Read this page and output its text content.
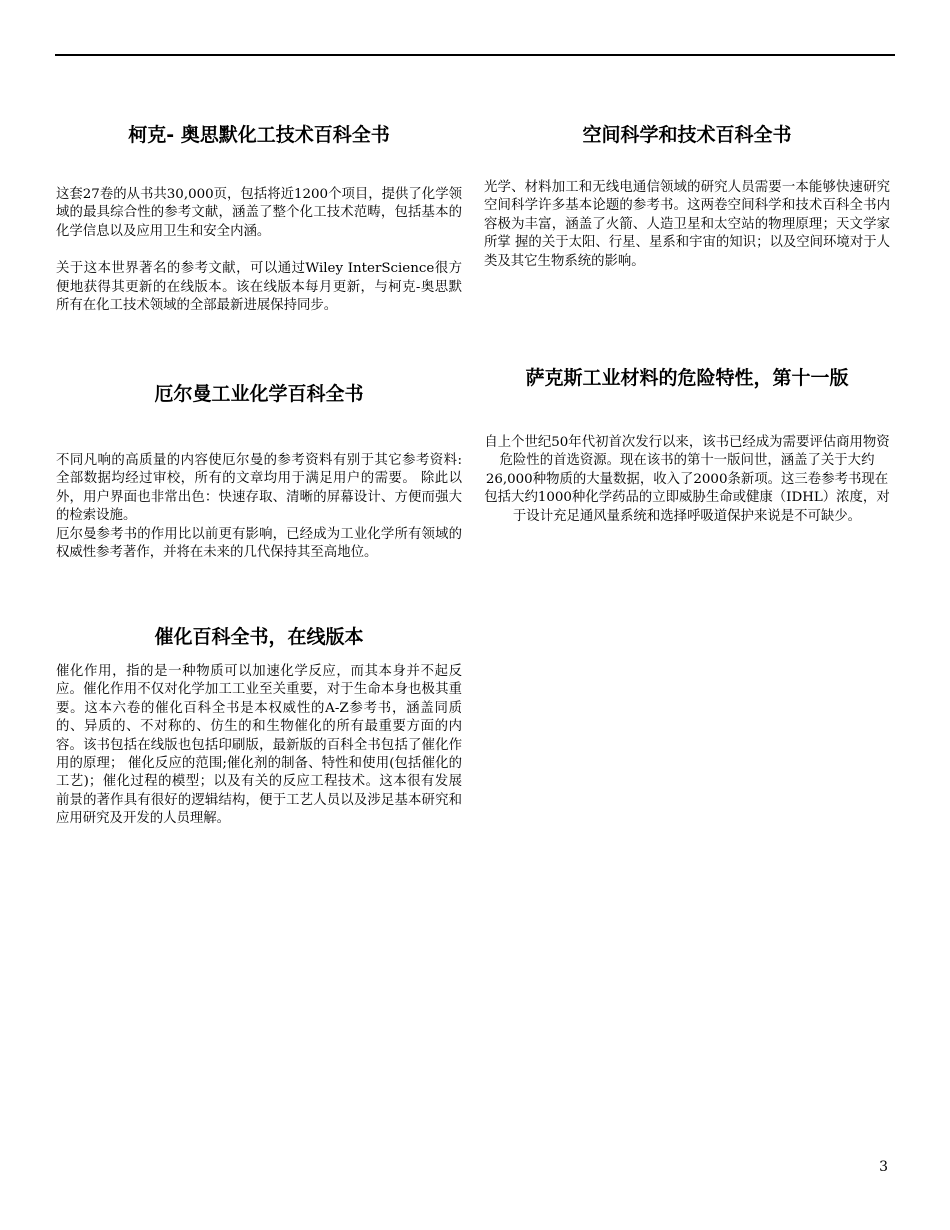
柯克- 奥思默化工技术百科全书

这套27卷的从书共30,000页，包括将近1200个项目，提供了化学领域的最具综合性的参考文献，涵盖了整个化工技术范畴，包括基本的化学信息以及应用卫生和安全内涵。

关于这本世界著名的参考文献，可以通过Wiley InterScience很方便地获得其更新的在线版本。该在线版本每月更新，与柯克-奥思默所有在化工技术领域的全部最新进展保持同步。

厄尔曼工业化学百科全书

不同凡响的高质量的内容使厄尔曼的参考资料有别于其它参考资料: 全部数据均经过审校，所有的文章均用于满足用户的需要。 除此以外，用户界面也非常出色：快速存取、清晰的屏幕设计、方便而强大的检索设施。

厄尔曼参考书的作用比以前更有影响，已经成为工业化学所有领域的权威性参考著作，并将在未来的几代保持其至高地位。

催化百科全书，在线版本

催化作用，指的是一种物质可以加速化学反应，而其本身并不起反应。催化作用不仅对化学加工工业至关重要，对于生命本身也极其重要。这本六卷的催化百科全书是本权威性的A-Z参考书，涵盖同质的、异质的、不对称的、仿生的和生物催化的所有最重要方面的内容。该书包括在线版也包括印刷版，最新版的百科全书包括了催化作用的原理； 催化反应的范围;催化剂的制备、特性和使用(包括催化的工艺)；催化过程的模型；以及有关的反应工程技术。这本很有发展前景的著作具有很好的逻辑结构，便于工艺人员以及涉足基本研究和应用研究及开发的人员理解。

空间科学和技术百科全书

光学、材料加工和无线电通信领域的研究人员需要一本能够快速研究空间科学许多基本论题的参考书。这两卷空间科学和技术百科全书内容极为丰富，涵盖了火箭、人造卫星和太空站的物理原理；天文学家所掌 握的关于太阳、行星、星系和宇宙的知识；以及空间环境对于人类及其它生物系统的影响。

萨克斯工业材料的危险特性，第十一版

自上个世纪50年代初首次发行以来，该书已经成为需要评估商用物资危险性的首选资源。现在该书的第十一版问世，涵盖了关于大约26,000种物质的大量数据，收入了2000条新项。这三卷参考书现在包括大约1000种化学药品的立即威胁生命或健康（IDHL）浓度，对于设计充足通风量系统和选择呼吸道保护来说是不可缺少。

3
